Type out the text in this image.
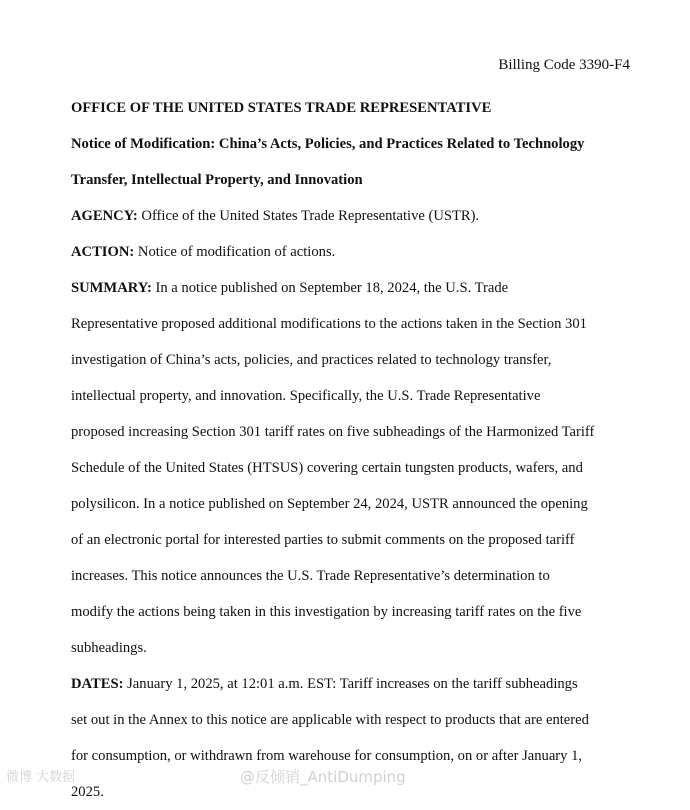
Billing Code 3390-F4
OFFICE OF THE UNITED STATES TRADE REPRESENTATIVE
Notice of Modification: China’s Acts, Policies, and Practices Related to Technology
Transfer, Intellectual Property, and Innovation
AGENCY: Office of the United States Trade Representative (USTR).
ACTION: Notice of modification of actions.
SUMMARY: In a notice published on September 18, 2024, the U.S. Trade
Representative proposed additional modifications to the actions taken in the Section 301
investigation of China’s acts, policies, and practices related to technology transfer,
intellectual property, and innovation. Specifically, the U.S. Trade Representative
proposed increasing Section 301 tariff rates on five subheadings of the Harmonized Tariff
Schedule of the United States (HTSUS) covering certain tungsten products, wafers, and
polysilicon. In a notice published on September 24, 2024, USTR announced the opening
of an electronic portal for interested parties to submit comments on the proposed tariff
increases. This notice announces the U.S. Trade Representative’s determination to
modify the actions being taken in this investigation by increasing tariff rates on the five
subheadings.
DATES: January 1, 2025, at 12:01 a.m. EST: Tariff increases on the tariff subheadings
set out in the Annex to this notice are applicable with respect to products that are entered
for consumption, or withdrawn from warehouse for consumption, on or after January 1,
2025.
微博 大数据	@反倾销_AntiDumping
